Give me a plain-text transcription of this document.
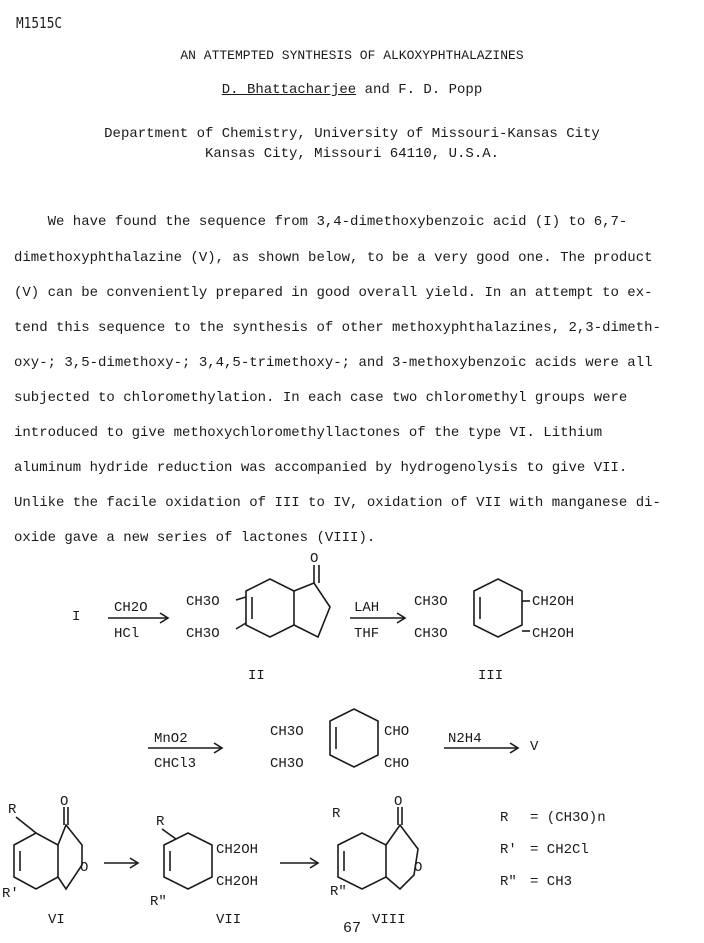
M1515C
AN ATTEMPTED SYNTHESIS OF ALKOXYPHTHALAZINES
D. Bhattacharjee and F. D. Popp
Department of Chemistry, University of Missouri-Kansas City
Kansas City, Missouri 64110, U.S.A.
We have found the sequence from 3,4-dimethoxybenzoic acid (I) to 6,7-
dimethoxyphthalazine (V), as shown below, to be a very good one. The product
(V) can be conveniently prepared in good overall yield. In an attempt to ex-
tend this sequence to the synthesis of other methoxyphthalazines, 2,3-dimeth-
oxy-; 3,5-dimethoxy-; 3,4,5-trimethoxy-; and 3-methoxybenzoic acids were all
subjected to chloromethylation. In each case two chloromethyl groups were
introduced to give methoxychloromethyllactones of the type VI. Lithium
aluminum hydride reduction was accompanied by hydrogenolysis to give VII.
Unlike the facile oxidation of III to IV, oxidation of VII with manganese di-
oxide gave a new series of lactones (VIII).
I
CH2O
HCl
CH3O
CH3O
O
II
LAH
THF
CH3O
CH3O
CH2OH
CH2OH
III
MnO2
CHCl3
CH3O
CH3O
CHO
CHO
N2H4	V
R	O
O
R'
VI
R
CH2OH
CH2OH
R"
VII
R
O
O
R"
VIII
R = (CH3O)n
R' = CH2Cl
R" = CH3
67
